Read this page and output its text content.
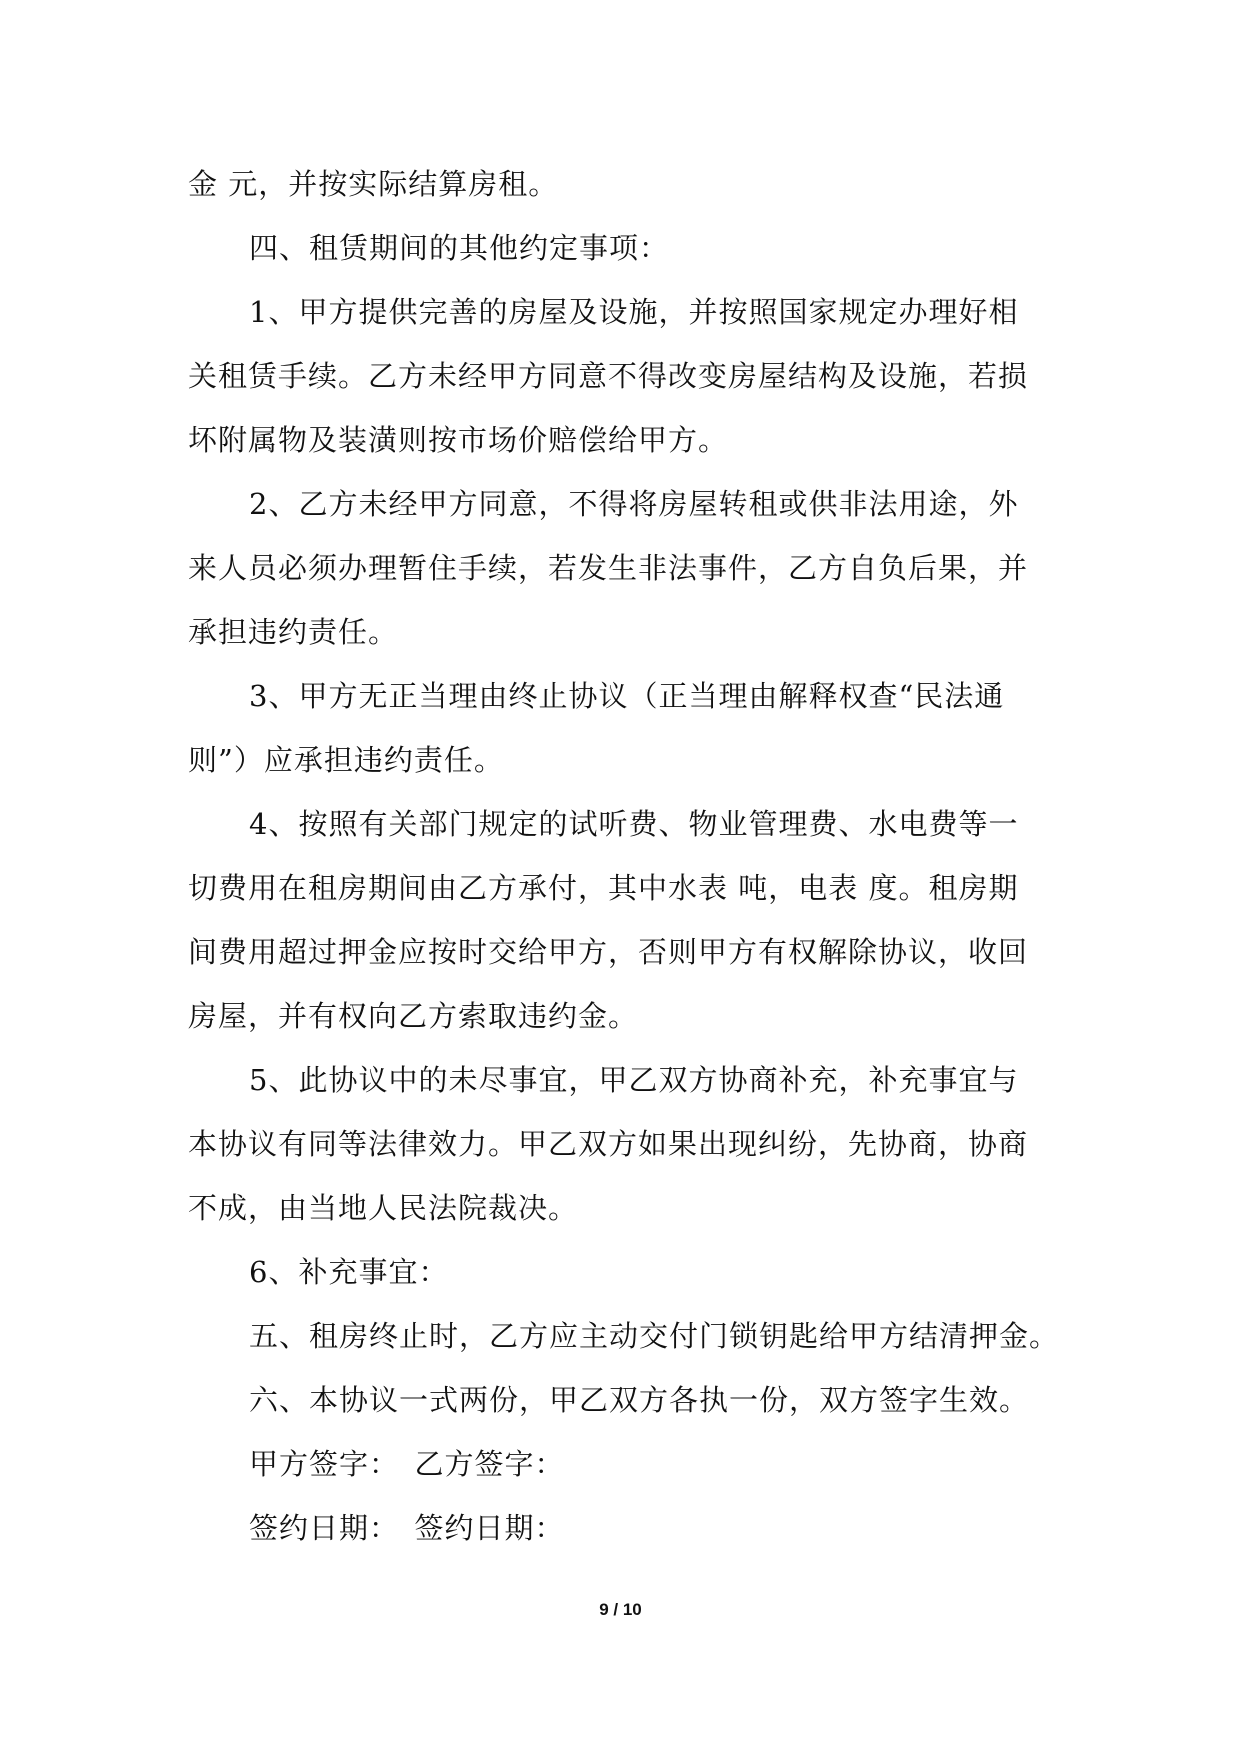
金 元，并按实际结算房租。
四、租赁期间的其他约定事项：
1、甲方提供完善的房屋及设施，并按照国家规定办理好相
关租赁手续。乙方未经甲方同意不得改变房屋结构及设施，若损
坏附属物及装潢则按市场价赔偿给甲方。
2、乙方未经甲方同意，不得将房屋转租或供非法用途，外
来人员必须办理暂住手续，若发生非法事件，乙方自负后果，并
承担违约责任。
3、甲方无正当理由终止协议（正当理由解释权查“民法通
则”）应承担违约责任。
4、按照有关部门规定的试听费、物业管理费、水电费等一
切费用在租房期间由乙方承付，其中水表 吨，电表 度。租房期
间费用超过押金应按时交给甲方，否则甲方有权解除协议，收回
房屋，并有权向乙方索取违约金。
5、此协议中的未尽事宜，甲乙双方协商补充，补充事宜与
本协议有同等法律效力。甲乙双方如果出现纠纷，先协商，协商
不成，由当地人民法院裁决。
6、补充事宜：
五、租房终止时，乙方应主动交付门锁钥匙给甲方结清押金。
六、本协议一式两份，甲乙双方各执一份，双方签字生效。
甲方签字：　乙方签字：
签约日期：　签约日期：
9 / 10
